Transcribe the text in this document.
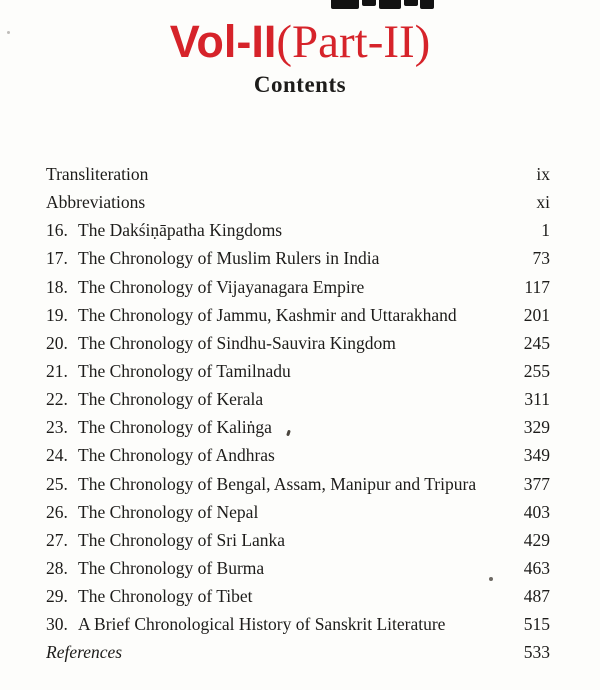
Vol-II(Part-II)
Contents
Transliteration	ix
Abbreviations	xi
16. The Dakśiṇāpatha Kingdoms	1
17. The Chronology of Muslim Rulers in India	73
18. The Chronology of Vijayanagara Empire	117
19. The Chronology of Jammu, Kashmir and Uttarakhand	201
20. The Chronology of Sindhu-Sauvira Kingdom	245
21. The Chronology of Tamilnadu	255
22. The Chronology of Kerala	311
23. The Chronology of Kaliṅga	329
24. The Chronology of Andhras	349
25. The Chronology of Bengal, Assam, Manipur and Tripura	377
26. The Chronology of Nepal	403
27. The Chronology of Sri Lanka	429
28. The Chronology of Burma	463
29. The Chronology of Tibet	487
30. A Brief Chronological History of Sanskrit Literature	515
References	533
